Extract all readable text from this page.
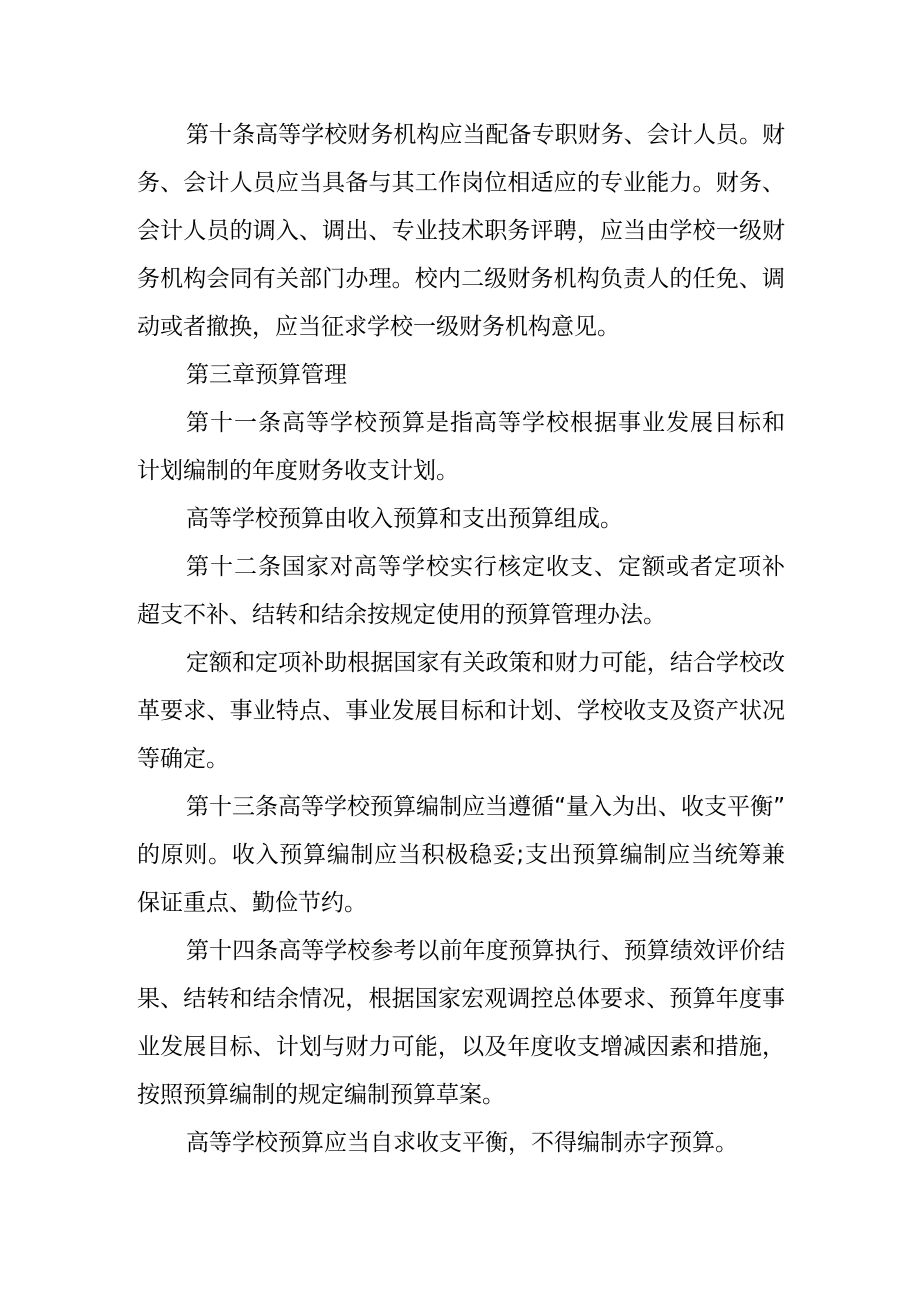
第十条高等学校财务机构应当配备专职财务、会计人员。财
务、会计人员应当具备与其工作岗位相适应的专业能力。财务、
会计人员的调入、调出、专业技术职务评聘，应当由学校一级财
务机构会同有关部门办理。校内二级财务机构负责人的任免、调
动或者撤换，应当征求学校一级财务机构意见。
第三章预算管理
第十一条高等学校预算是指高等学校根据事业发展目标和
计划编制的年度财务收支计划。
高等学校预算由收入预算和支出预算组成。
第十二条国家对高等学校实行核定收支、定额或者定项补
超支不补、结转和结余按规定使用的预算管理办法。
定额和定项补助根据国家有关政策和财力可能，结合学校改
革要求、事业特点、事业发展目标和计划、学校收支及资产状况
等确定。
第十三条高等学校预算编制应当遵循“量入为出、收支平衡”
的原则。收入预算编制应当积极稳妥;支出预算编制应当统筹兼
保证重点、勤俭节约。
第十四条高等学校参考以前年度预算执行、预算绩效评价结
果、结转和结余情况，根据国家宏观调控总体要求、预算年度事
业发展目标、计划与财力可能，以及年度收支增减因素和措施，
按照预算编制的规定编制预算草案。
高等学校预算应当自求收支平衡，不得编制赤字预算。
